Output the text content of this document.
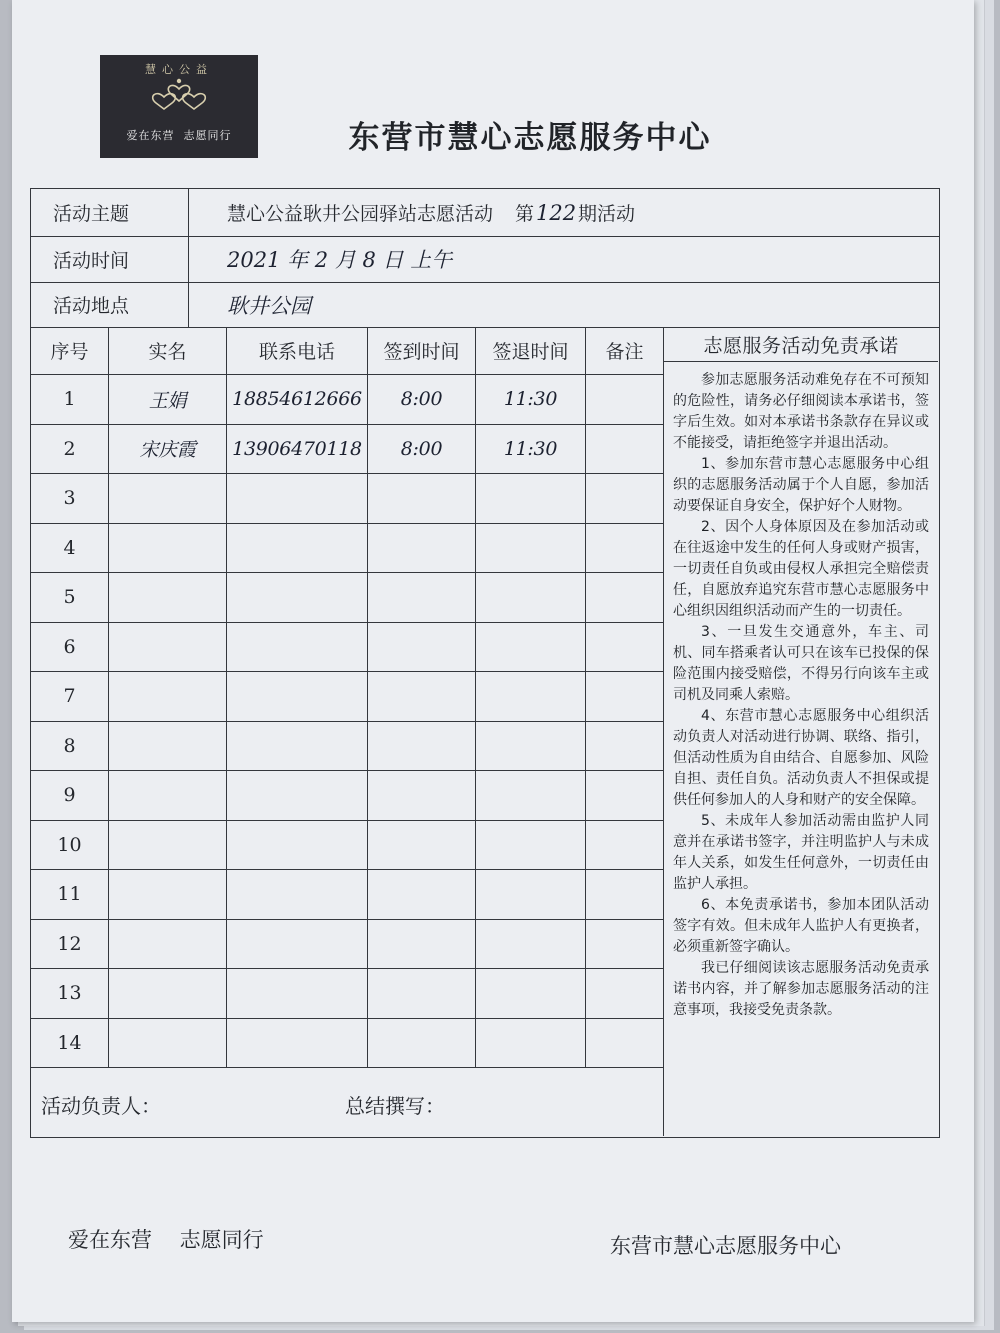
慧心公益
爱在东营  志愿同行	东营市慧心志愿服务中心
活动主题	慧心公益耿井公园驿站志愿活动 第 122 期活动
活动时间	2021 年 2 月 8 日 上午
活动地点	耿井公园
序号	实名	联系电话	签到时间	签退时间	备注
1	王娟	18854612666	8:00	11:30
2	宋庆霞	13906470118	8:00	11:30
3
4
5
6
7
8
9
10
11
12
13
14
志愿服务活动免责承诺

参加志愿服务活动难免存在不可预知的危险性，请务必仔细阅读本承诺书，签字后生效。如对本承诺书条款存在异议或不能接受，请拒绝签字并退出活动。

1、参加东营市慧心志愿服务中心组织的志愿服务活动属于个人自愿，参加活动要保证自身安全，保护好个人财物。

2、因个人身体原因及在参加活动或在往返途中发生的任何人身或财产损害，一切责任自负或由侵权人承担完全赔偿责任，自愿放弃追究东营市慧心志愿服务中心组织因组织活动而产生的一切责任。

3、一旦发生交通意外，车主、司机、同车搭乘者认可只在该车已投保的保险范围内接受赔偿，不得另行向该车主或司机及同乘人索赔。

4、东营市慧心志愿服务中心组织活动负责人对活动进行协调、联络、指引，但活动性质为自由结合、自愿参加、风险自担、责任自负。活动负责人不担保或提供任何参加人的人身和财产的安全保障。

5、未成年人参加活动需由监护人同意并在承诺书签字，并注明监护人与未成年人关系，如发生任何意外，一切责任由监护人承担。

6、本免责承诺书，参加本团队活动签字有效。但未成年人监护人有更换者，必须重新签字确认。

我已仔细阅读该志愿服务活动免责承诺书内容，并了解参加志愿服务活动的注意事项，我接受免责条款。

活动负责人：	总结撰写：
爱在东营　 志愿同行	东营市慧心志愿服务中心
